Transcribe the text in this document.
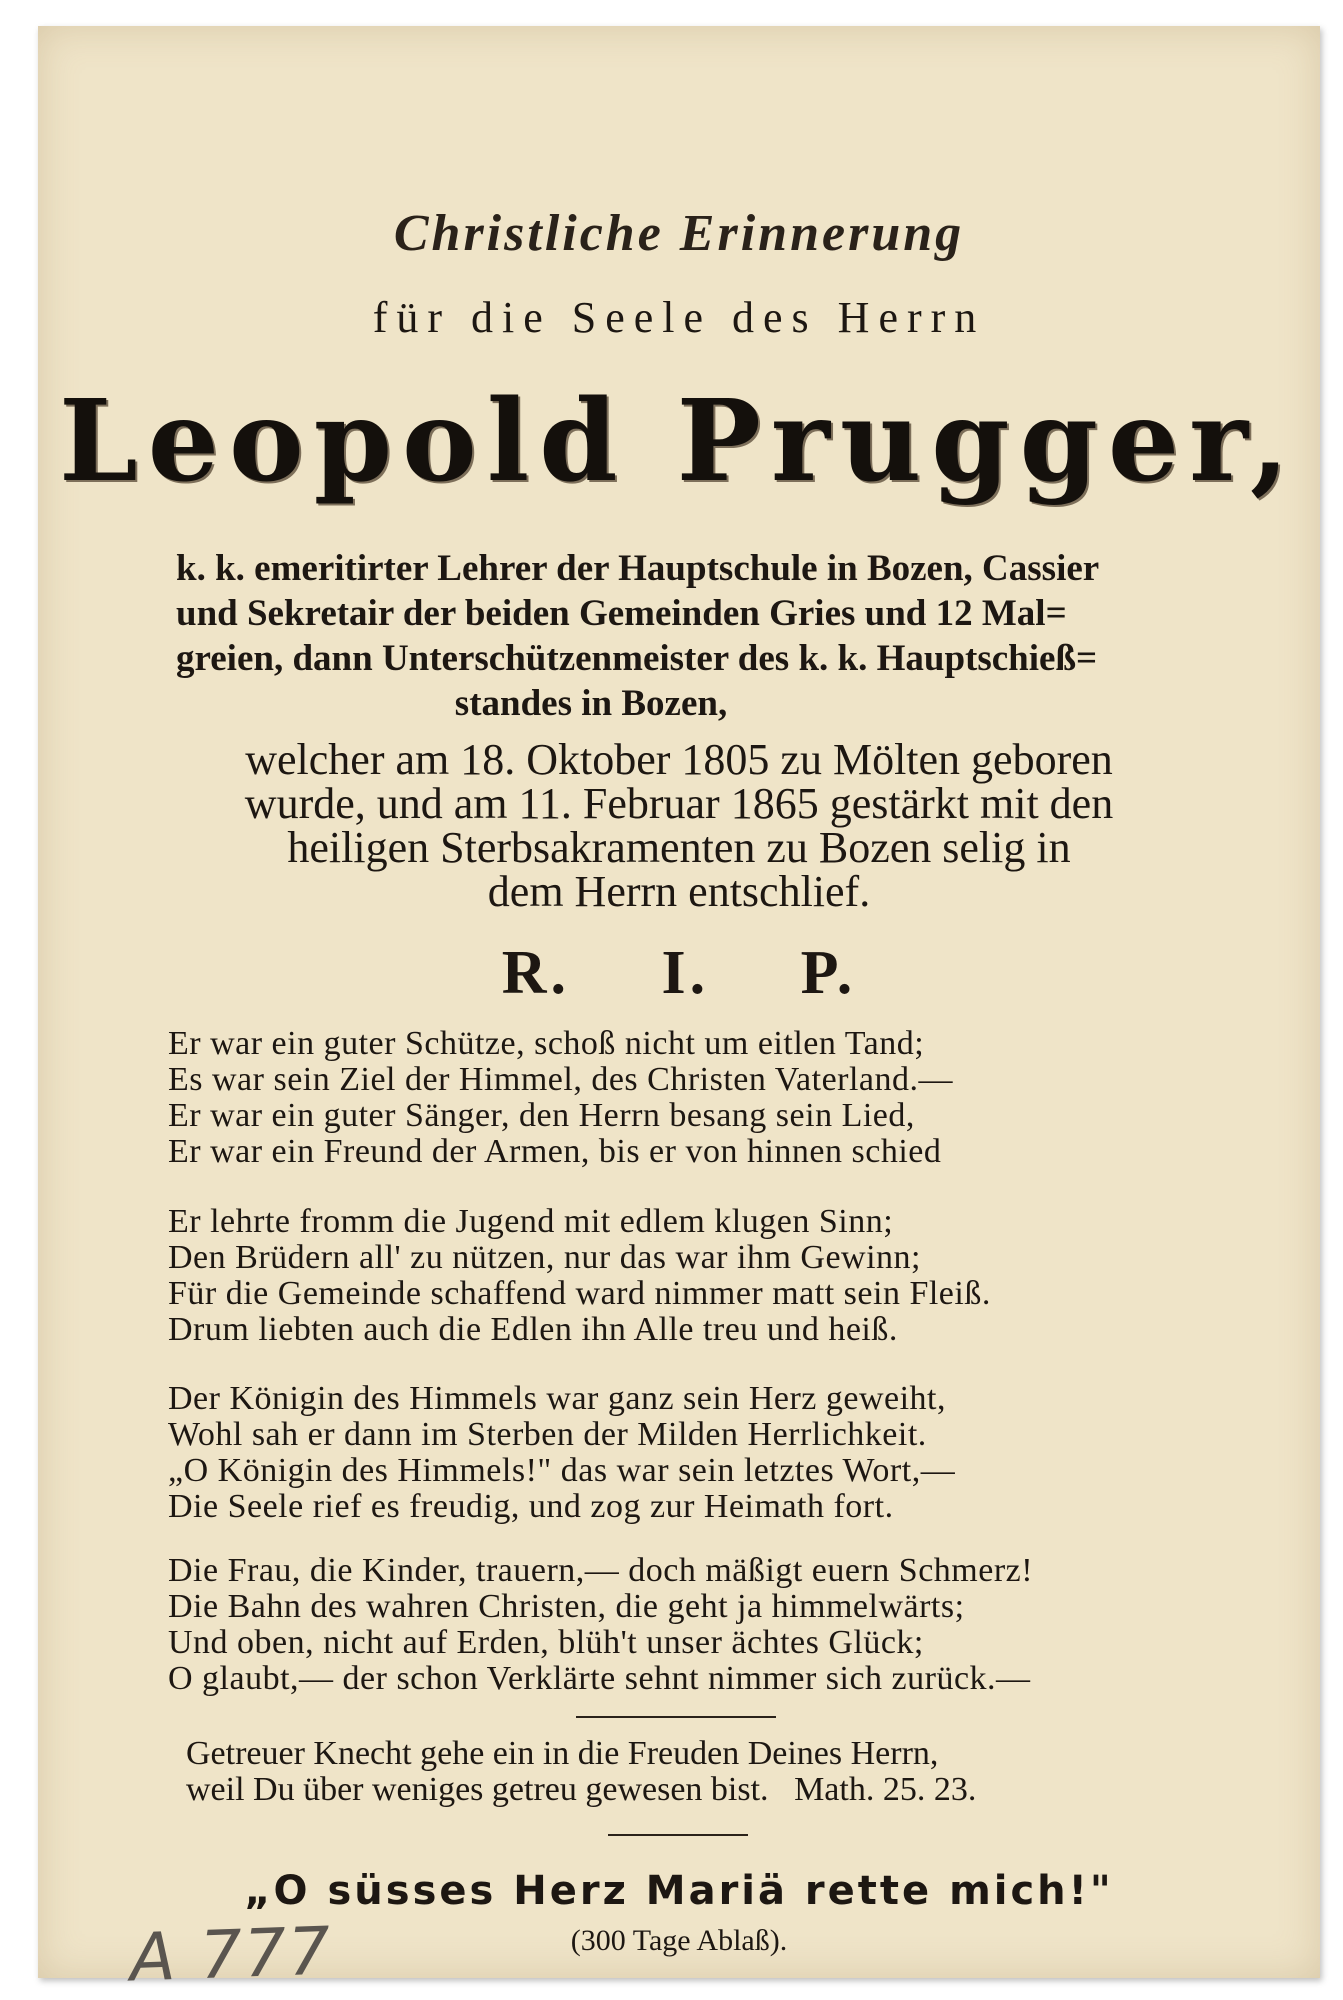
Christliche Erinnerung
für die Seele des Herrn
Leopold Prugger,
k. k. emeritirter Lehrer der Hauptschule in Bozen, Cassier
und Sekretair der beiden Gemeinden Gries und 12 Mal=
greien, dann Unterschützenmeister des k. k. Hauptschieß=
standes in Bozen,
welcher am 18. Oktober 1805 zu Mölten geboren
wurde, und am 11. Februar 1865 gestärkt mit den
heiligen Sterbsakramenten zu Bozen selig in
dem Herrn entschlief.
R. I. P.
Er war ein guter Schütze, schoß nicht um eitlen Tand;
Es war sein Ziel der Himmel, des Christen Vaterland.—
Er war ein guter Sänger, den Herrn besang sein Lied,
Er war ein Freund der Armen, bis er von hinnen schied
Er lehrte fromm die Jugend mit edlem klugen Sinn;
Den Brüdern all' zu nützen, nur das war ihm Gewinn;
Für die Gemeinde schaffend ward nimmer matt sein Fleiß.
Drum liebten auch die Edlen ihn Alle treu und heiß.
Der Königin des Himmels war ganz sein Herz geweiht,
Wohl sah er dann im Sterben der Milden Herrlichkeit.
„O Königin des Himmels!" das war sein letztes Wort,—
Die Seele rief es freudig, und zog zur Heimath fort.
Die Frau, die Kinder, trauern,— doch mäßigt euern Schmerz!
Die Bahn des wahren Christen, die geht ja himmelwärts;
Und oben, nicht auf Erden, blüh't unser ächtes Glück;
O glaubt,— der schon Verklärte sehnt nimmer sich zurück.—
Getreuer Knecht gehe ein in die Freuden Deines Herrn,
weil Du über weniges getreu gewesen bist. Math. 25. 23.
„O süsses Herz Mariä rette mich!"
(300 Tage Ablaß).
A 777
